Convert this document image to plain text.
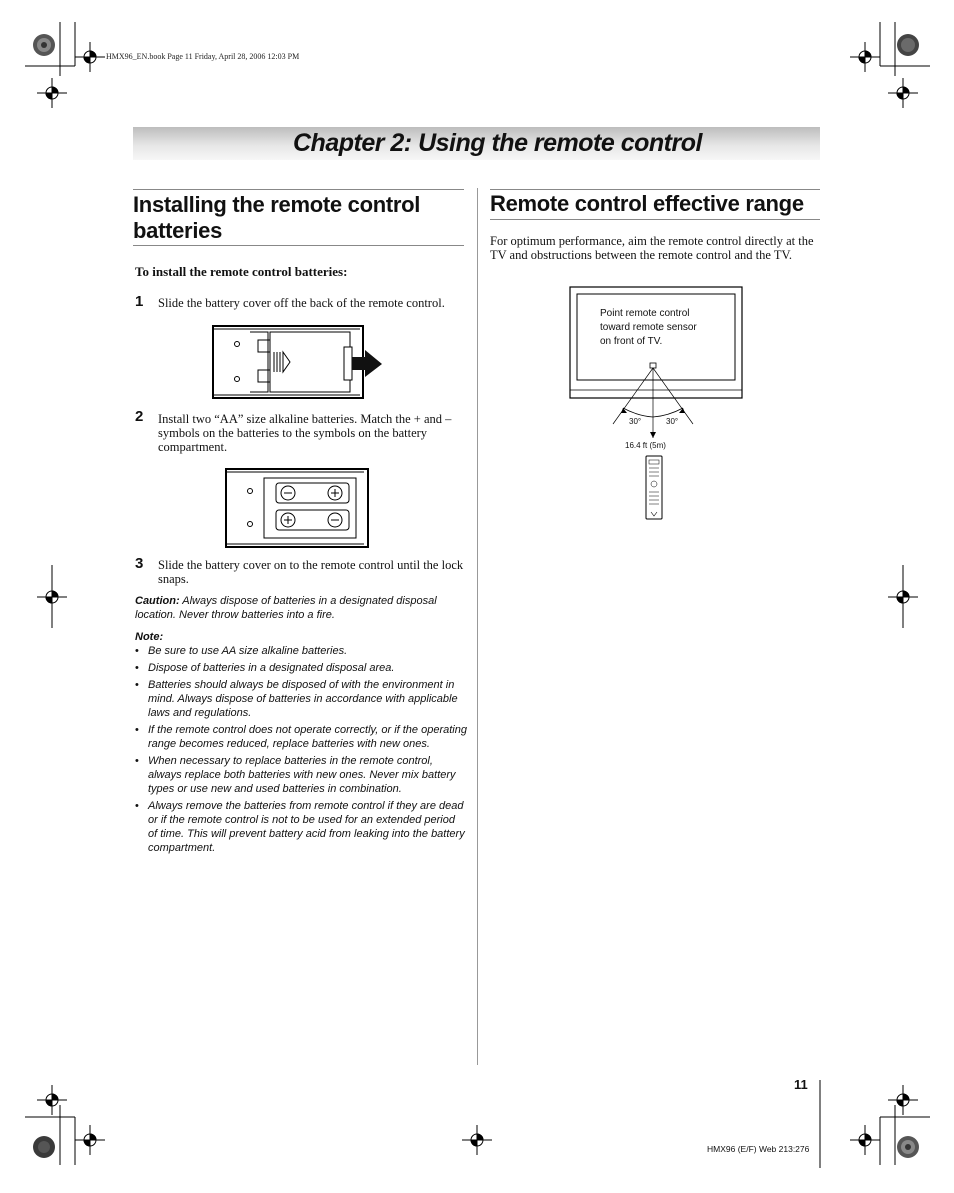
HMX96_EN.book Page 11 Friday, April 28, 2006 12:03 PM
Chapter 2: Using the remote control
Installing the remote control batteries
To install the remote control batteries:
1 Slide the battery cover off the back of the remote control.
2 Install two “AA” size alkaline batteries. Match the + and – symbols on the batteries to the symbols on the battery compartment.
3 Slide the battery cover on to the remote control until the lock snaps.
Caution: Always dispose of batteries in a designated disposal location. Never throw batteries into a fire.
Note:
• Be sure to use AA size alkaline batteries.
• Dispose of batteries in a designated disposal area.
• Batteries should always be disposed of with the environment in mind. Always dispose of batteries in accordance with applicable laws and regulations.
• If the remote control does not operate correctly, or if the operating range becomes reduced, replace batteries with new ones.
• When necessary to replace batteries in the remote control, always replace both batteries with new ones. Never mix battery types or use new and used batteries in combination.
• Always remove the batteries from remote control if they are dead or if the remote control is not to be used for an extended period of time. This will prevent battery acid from leaking into the battery compartment.
Remote control effective range
For optimum performance, aim the remote control directly at the TV and obstructions between the remote control and the TV.
Point remote control
toward remote sensor
on front of TV.
30°	30°
16.4 ft (5m)
11
HMX96 (E/F) Web 213:276
